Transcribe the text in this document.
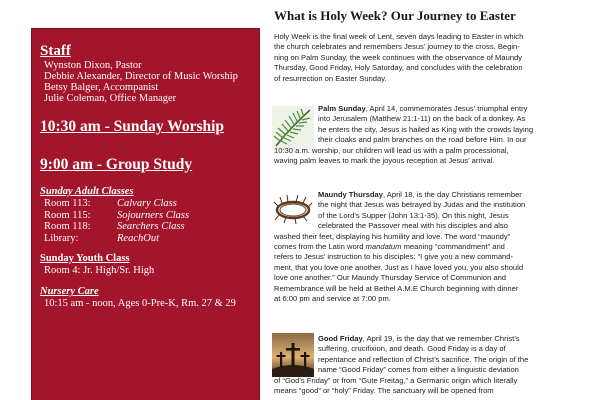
Staff
Wynston Dixon, Pastor
Debbie Alexander, Director of Music Worship
Betsy Balger, Accompanist
Julie Coleman, Office Manager
10:30 am - Sunday Worship
9:00 am - Group Study
Sunday Adult Classes
Room 113:	Calvary Class
Room 115:	Sojourners Class
Room 118:	Searchers Class
Library:	ReachOut
Sunday Youth Class
Room 4: Jr. High/Sr. High
Nursery Care
10:15 am - noon, Ages 0-Pre-K, Rm. 27 & 29
What is Holy Week? Our Journey to Easter
Holy Week is the final week of Lent, seven days leading to Easter in which
the church celebrates and remembers Jesus’ journey to the cross. Begin-
ning on Palm Sunday, the week continues with the observance of Maundy
Thursday, Good Friday, Holy Saturday, and concludes with the celebration
of resurrection on Easter Sunday.
Palm Sunday, April 14, commemorates Jesus’ triumphal entry
into Jerusalem (Matthew 21:1-11) on the back of a donkey. As
he enters the city, Jesus is hailed as King with the crowds laying
their cloaks and palm branches on the road before Him. In our
10:30 a.m. worship, our children will lead us with a palm processional,
waving palm leaves to mark the joyous reception at Jesus’ arrival.
Maundy Thursday, April 18, is the day Christians remember
the night that Jesus was betrayed by Judas and the institution
of the Lord’s Supper (John 13:1-35). On this night, Jesus
celebrated the Passover meal with his disciples and also
washed their feet, displaying his humility and love. The word “maundy”
comes from the Latin word mandatum meaning “commandment” and
refers to Jesus’ instruction to his disciples: “I give you a new command-
ment, that you love one another. Just as I have loved you, you also should
love one another.” Our Maundy Thursday Service of Communion and
Remembrance will be held at Bethel A.M.E Church beginning with dinner
at 6:00 pm and service at 7:00 pm.
Good Friday, April 19, is the day that we remember Christ’s
suffering, crucifixion, and death. Good Friday is a day of
repentance and reflection of Christ’s sacrifice. The origin of the
name “Good Friday” comes from either a linguistic deviation
of “God’s Friday” or from “Gute Freitag,” a Germanic origin which literally
means “good” or “holy” Friday. The sanctuary will be opened from
